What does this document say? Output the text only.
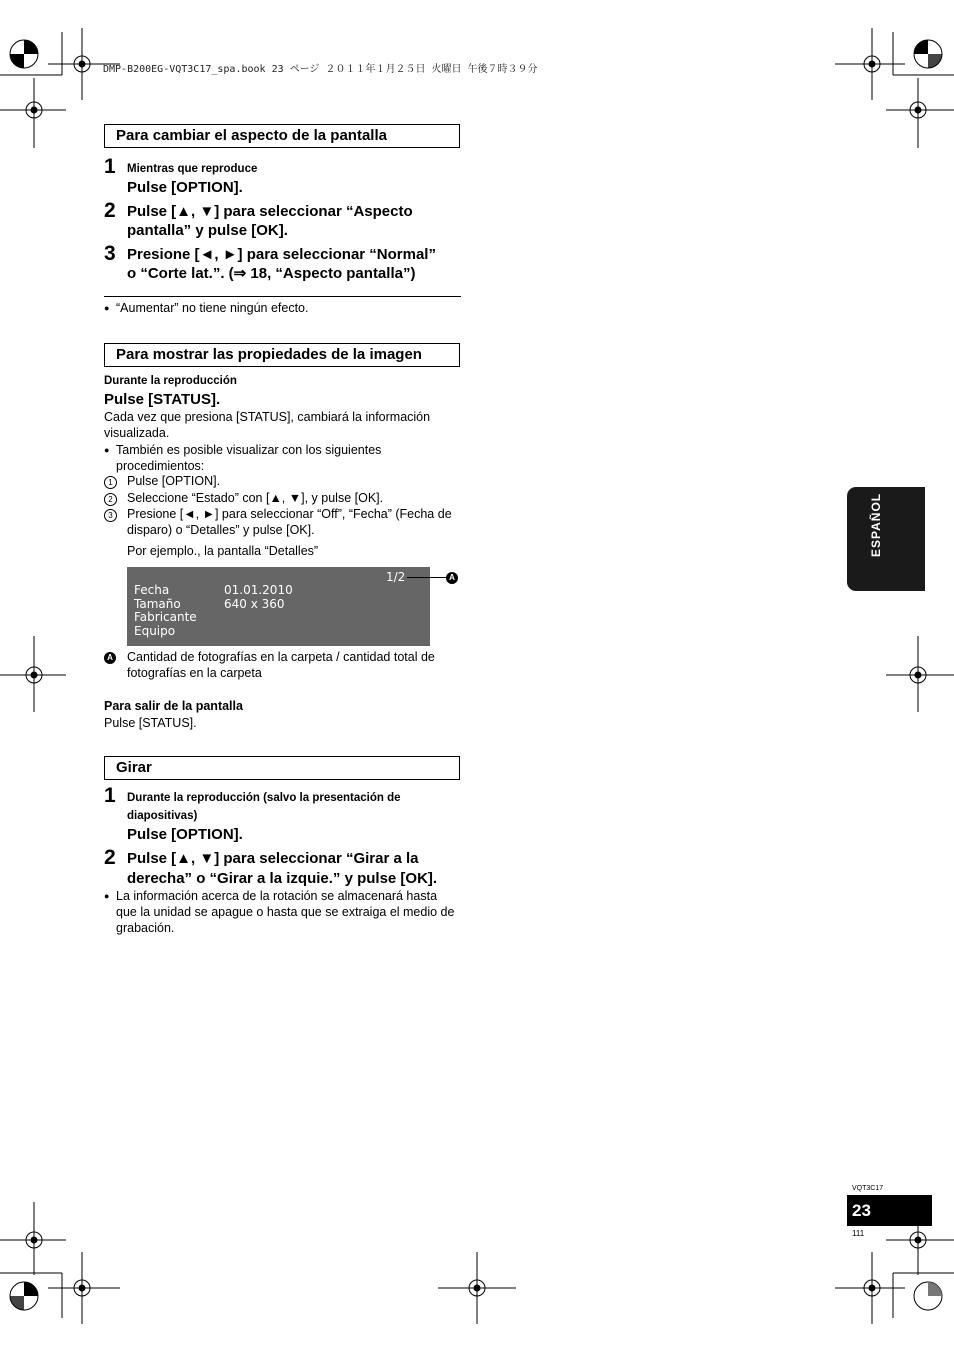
DMP-B200EG-VQT3C17_spa.book 23 ページ ２０１１年１月２５日 火曜日 午後７時３９分
Para cambiar el aspecto de la pantalla
1 Mientras que reproduce
Pulse [OPTION].
2 Pulse [▲, ▼] para seleccionar “Aspecto
pantalla” y pulse [OK].
3 Presione [◄, ►] para seleccionar “Normal”
o “Corte lat.”. (⇒ 18, “Aspecto pantalla”)
● “Aumentar” no tiene ningún efecto.
Para mostrar las propiedades de la imagen
Durante la reproducción
Pulse [STATUS].
Cada vez que presiona [STATUS], cambiará la información
visualizada.
● También es posible visualizar con los siguientes
procedimientos:
1	Pulse [OPTION].
2	Seleccione “Estado” con [▲, ▼], y pulse [OK].
3	Presione [◄, ►] para seleccionar “Off”, “Fecha” (Fecha de
disparo) o “Detalles” y pulse [OK].
Por ejemplo., la pantalla “Detalles”
1/2
Fecha	01.01.2010
Tamaño	640 x 360
Fabricante
Equipo
A
A Cantidad de fotografías en la carpeta / cantidad total de
fotografías en la carpeta
Para salir de la pantalla
Pulse [STATUS].
Girar
1 Durante la reproducción (salvo la presentación de
diapositivas)
Pulse [OPTION].
2 Pulse [▲, ▼] para seleccionar “Girar a la
derecha” o “Girar a la izquie.” y pulse [OK].
● La información acerca de la rotación se almacenará hasta
que la unidad se apague o hasta que se extraiga el medio de
grabación.
ESPAÑOL
VQT3C17
23
111
